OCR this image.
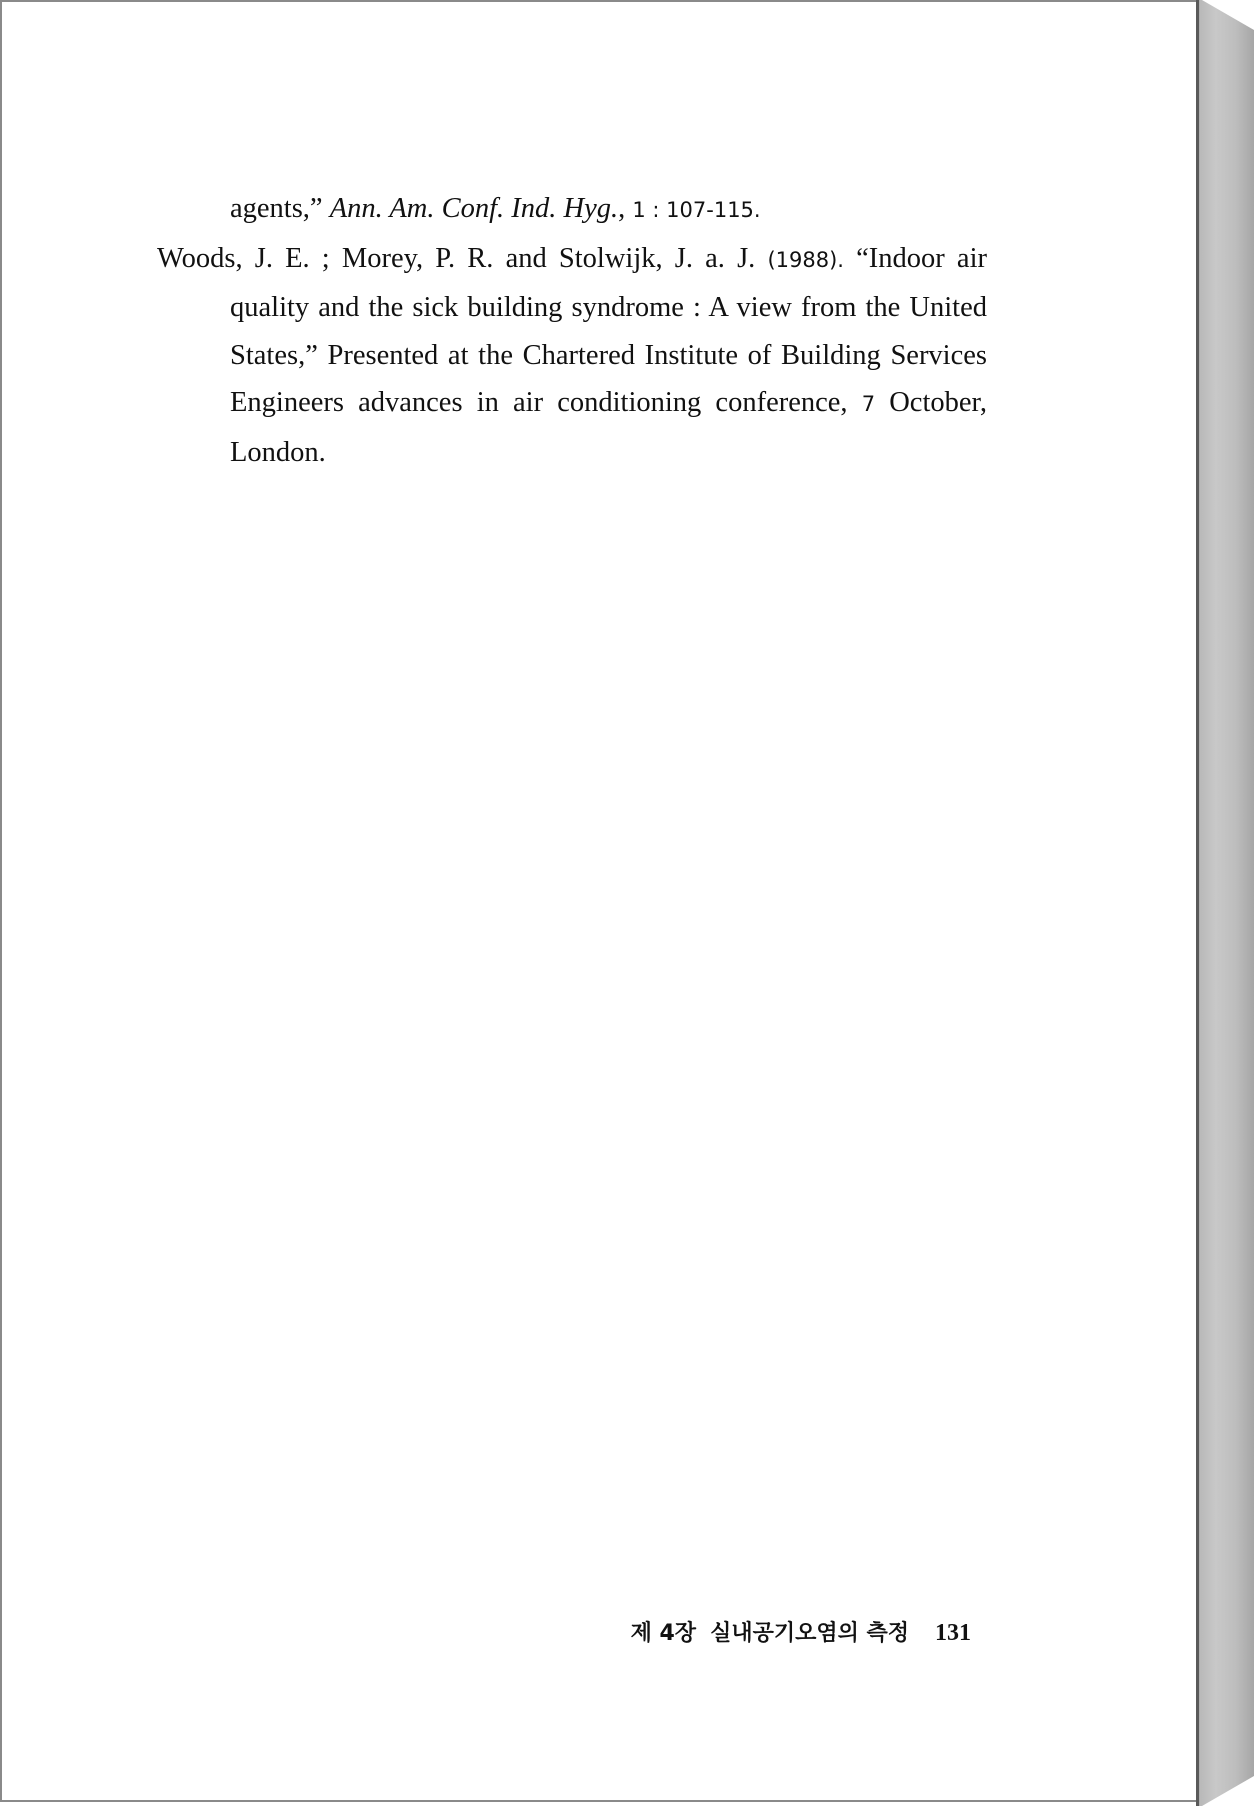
agents,” Ann. Am. Conf. Ind. Hyg., 1 : 107-115.

Woods, J. E. ; Morey, P. R. and Stolwijk, J. a. J. (1988). “Indoor air quality and the sick building syndrome : A view from the United States,” Presented at the Chartered Institute of Building Services Engineers advances in air conditioning conference, 7 October, London.

제 4장 실내공기오염의 측정 131
